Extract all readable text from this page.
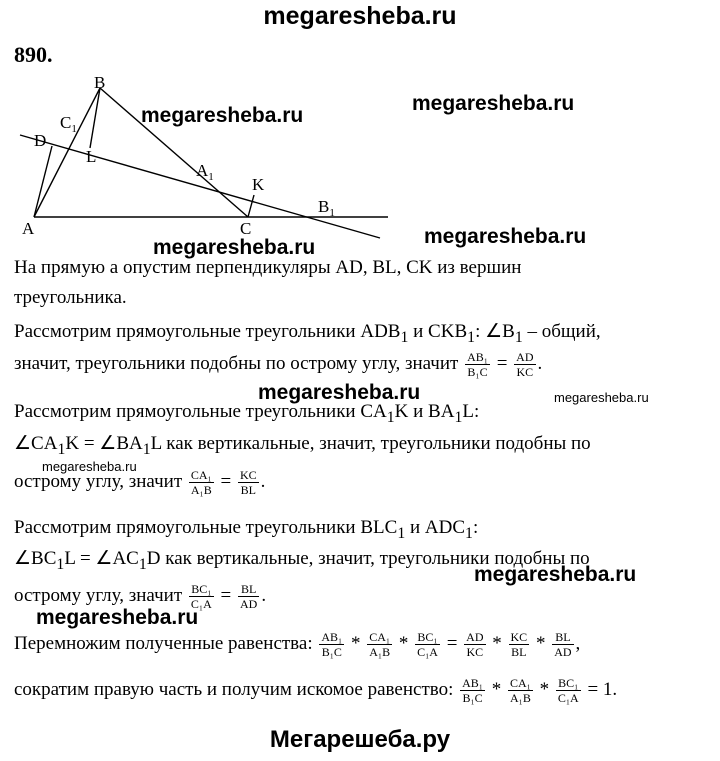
megaresheba.ru
890.
B
$C_1$
D
L
$A_1$ K
$B_1$
A	C
megaresheba.ru
megaresheba.ru
megaresheba.ru	megaresheba.ru
megaresheba.ru	megaresheba.ru
megaresheba.ru
megaresheba.ru
megaresheba.ru
На прямую а опустим перпендикуляры AD, BL, CK из вершин
треугольника.
Рассмотрим прямоугольные треугольники $ADB_1$ и $CKB_1$: $\angle B_1$ – общий,
значит, треугольники подобны по острому углу, значит $\frac{\text{AB₁}}{\text{B₁C}} = \frac{AD}{KC}$ .
Рассмотрим прямоугольные треугольники $CA_1K$ и $BA_1L$:
$\angle CA_1K$ = $\angle BA_1L$ как вертикальные, значит, треугольники подобны по
острому углу, значит $\frac{\text{CA₁}}{\text{A₁B}} = \frac{KC}{BL}$ .
Рассмотрим прямоугольные треугольники $BLC_1$ и $ADC_1$:
$\angle BC_1L$ = $\angle AC_1D$ как вертикальные, значит, треугольники подобны по
острому углу, значит $\frac{\text{BC₁}}{\text{C₁A}} = \frac{BL}{AD}$ .
Перемножим полученные равенства: $\frac{\text{AB₁}}{\text{B₁C}} * \frac{\text{CA₁}}{\text{A₁B}} * \frac{\text{BC₁}}{\text{C₁A}} = \frac{AD}{KC} * \frac{KC}{BL} * \frac{BL}{AD}$ ,
сократим правую часть и получим искомое равенство: $\frac{\text{AB₁}}{\text{B₁C}} * \frac{\text{CA₁}}{\text{A₁B}} * \frac{\text{BC₁}}{\text{C₁A}} = 1$.
Мегарешеба.ру
